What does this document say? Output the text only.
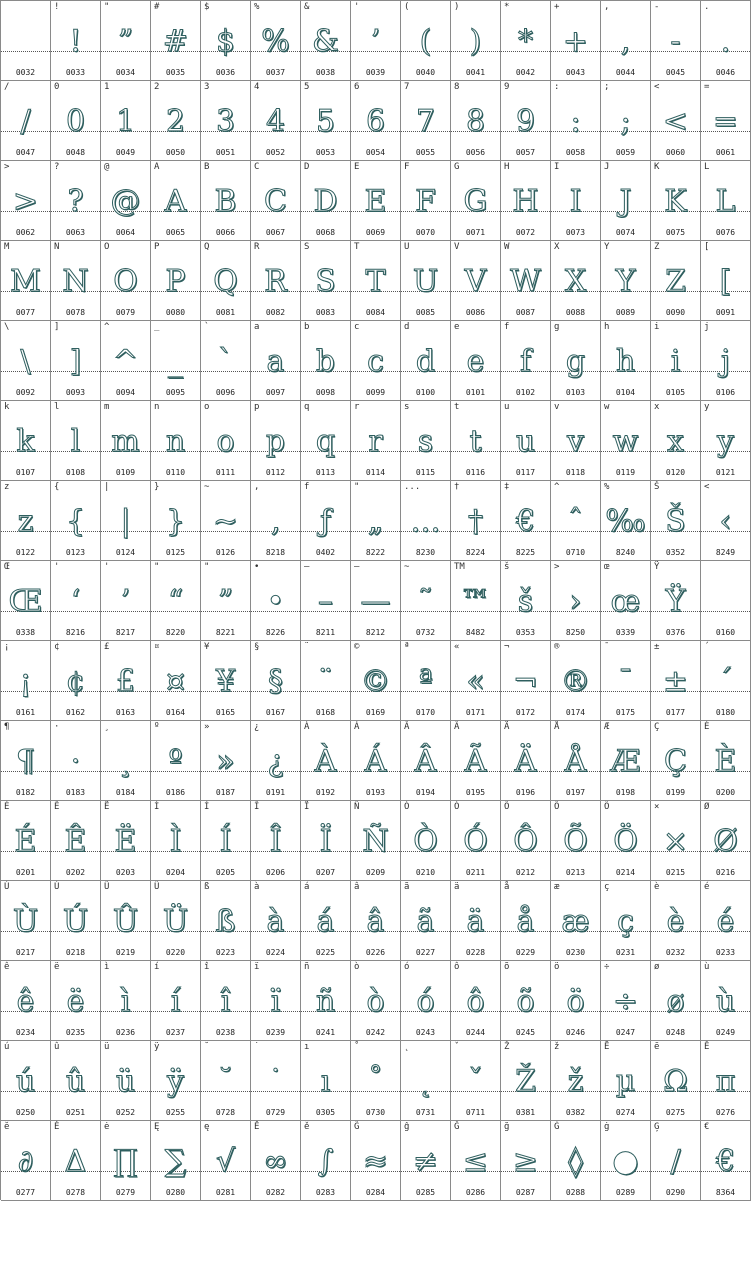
0032
!
!
0033
"
”
0034
#
#
0035
$
$
0036
%
%
0037
&
&
0038
'
’
0039
(
(
0040
)
)
0041
*
*
0042
+
+
0043
,
,
0044
-
-
0045
.
.
0046
/
/
0047
0
0
0048
1
1
0049
2
2
0050
3
3
0051
4
4
0052
5
5
0053
6
6
0054
7
7
0055
8
8
0056
9
9
0057
:
:
0058
;
;
0059
<
<
0060
=
=
0061
>
>
0062
?
?
0063
@
@
0064
A
A
0065
B
B
0066
C
C
0067
D
D
0068
E
E
0069
F
F
0070
G
G
0071
H
H
0072
I
I
0073
J
J
0074
K
K
0075
L
L
0076
M
M
0077
N
N
0078
O
O
0079
P
P
0080
Q
Q
0081
R
R
0082
S
S
0083
T
T
0084
U
U
0085
V
V
0086
W
W
0087
X
X
0088
Y
Y
0089
Z
Z
0090
[
[
0091
\
\
0092
]
]
0093
^
^
0094
_
_
0095
`
`
0096
a
a
0097
b
b
0098
c
c
0099
d
d
0100
e
e
0101
f
f
0102
g
g
0103
h
h
0104
i
i
0105
j
j
0106
k
k
0107
l
l
0108
m
m
0109
n
n
0110
o
o
0111
p
p
0112
q
q
0113
r
r
0114
s
s
0115
t
t
0116
u
u
0117
v
v
0118
w
w
0119
x
x
0120
y
y
0121
z
z
0122
{
{
0123
|
|
0124
}
}
0125
~
~
0126
,
‚
8218
f
ƒ
0402
"
„
8222
...
…
8230
†
†
8224
‡
€
8225
^
ˆ
0710
%
‰
8240
Š
Š
0352
<
‹
8249
Œ
Œ
0338
'
‘
8216
'
’
8217
"
“
8220
"
”
8221
•
•
8226
–
–
8211
—
—
8212
~
˜
0732
TM
™
8482
š
š
0353
>
›
8250
œ
œ
0339
Ÿ
Ÿ
0376	0160
¡
¡
0161
¢
¢
0162
£
£
0163
¤
¤
0164
¥
¥
0165
§
§
0167
¨
¨
0168
©
©
0169
ª
ª
0170
«
«
0171
¬
¬
0172
®
®
0174
¯
¯
0175
±
±
0177
´
´
0180
¶
¶
0182
·
·
0183
¸
¸
0184
º
º
0186
»
»
0187
¿
¿
0191
À
À
0192
Á
Á
0193
Â
Â
0194
Ã
Ã
0195
Ä
Ä
0196
Å
Å
0197
Æ
Æ
0198
Ç
Ç
0199
È
È
0200
É
É
0201
Ê
Ê
0202
Ë
Ë
0203
Ì
Ì
0204
Í
Í
0205
Î
Î
0206
Ï
Ï
0207
Ñ
Ñ
0209
Ò
Ò
0210
Ó
Ó
0211
Ô
Ô
0212
Õ
Õ
0213
Ö
Ö
0214
×
×
0215
Ø
Ø
0216
Ù
Ù
0217
Ú
Ú
0218
Û
Û
0219
Ü
Ü
0220
ß
ß
0223
à
à
0224
á
á
0225
â
â
0226
ã
ã
0227
ä
ä
0228
å
å
0229
æ
æ
0230
ç
ç
0231
è
è
0232
é
é
0233
ê
ê
0234
ë
ë
0235
ì
ì
0236
í
í
0237
î
î
0238
ï
ï
0239
ñ
ñ
0241
ò
ò
0242
ó
ó
0243
ô
ô
0244
õ
õ
0245
ö
ö
0246
÷
÷
0247
ø
ø
0248
ù
ù
0249
ú
ú
0250
û
û
0251
ü
ü
0252
ÿ
ÿ
0255
˘
˘
0728
˙
˙
0729
ı
ı
0305
˚
˚
0730
˛
˛
0731
ˇ
ˇ
0711
Ž
Ž
0381
ž
ž
0382
Ē
µ
0274
ē
Ω
0275
Ĕ
π
0276
ĕ
∂
0277
Ė
Δ
0278
ė
∏
0279
Ę
∑
0280
ę
√
0281
Ě
∞
0282
ě
∫
0283
Ĝ
≈
0284
ĝ
≠
0285
Ğ
≤
0286
ğ
≥
0287
Ġ
◊
0288
ġ
●
0289
Ģ
/
0290
€
€
8364
